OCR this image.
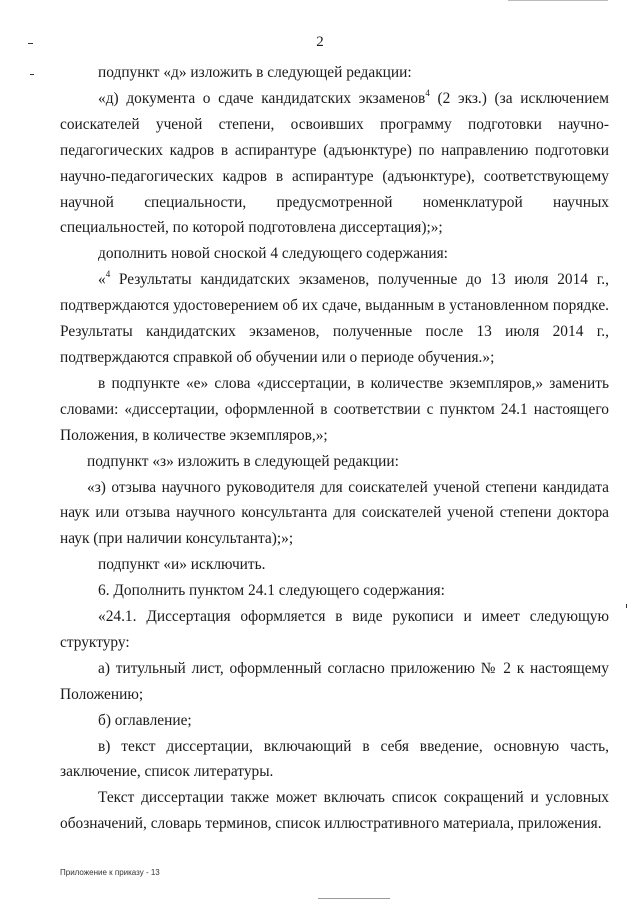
2

подпункт «д» изложить в следующей редакции:

«д) документа о сдаче кандидатских экзаменов$^4$ (2 экз.) (за исключением соискателей ученой степени, освоивших программу подготовки научно-педагогических кадров в аспирантуре (адъюнктуре) по направлению подготовки научно-педагогических кадров в аспирантуре (адъюнктуре), соответствующему научной специальности, предусмотренной номенклатурой научных специальностей, по которой подготовлена диссертация);»;

дополнить новой сноской 4 следующего содержания:

«$^4$ Результаты кандидатских экзаменов, полученные до 13 июля 2014 г., подтверждаются удостоверением об их сдаче, выданным в установленном порядке. Результаты кандидатских экзаменов, полученные после 13 июля 2014 г., подтверждаются справкой об обучении или о периоде обучения.»;

в подпункте «е» слова «диссертации, в количестве экземпляров,» заменить словами: «диссертации, оформленной в соответствии с пунктом 24.1 настоящего Положения, в количестве экземпляров,»;

подпункт «з» изложить в следующей редакции:

«з) отзыва научного руководителя для соискателей ученой степени кандидата наук или отзыва научного консультанта для соискателей ученой степени доктора наук (при наличии консультанта);»;

подпункт «и» исключить.

6. Дополнить пунктом 24.1 следующего содержания:

«24.1. Диссертация оформляется в виде рукописи и имеет следующую структуру:

а) титульный лист, оформленный согласно приложению № 2 к настоящему Положению;

б) оглавление;

в) текст диссертации, включающий в себя введение, основную часть, заключение, список литературы.

Текст диссертации также может включать список сокращений и условных обозначений, словарь терминов, список иллюстративного материала, приложения.

Приложение к приказу - 13
